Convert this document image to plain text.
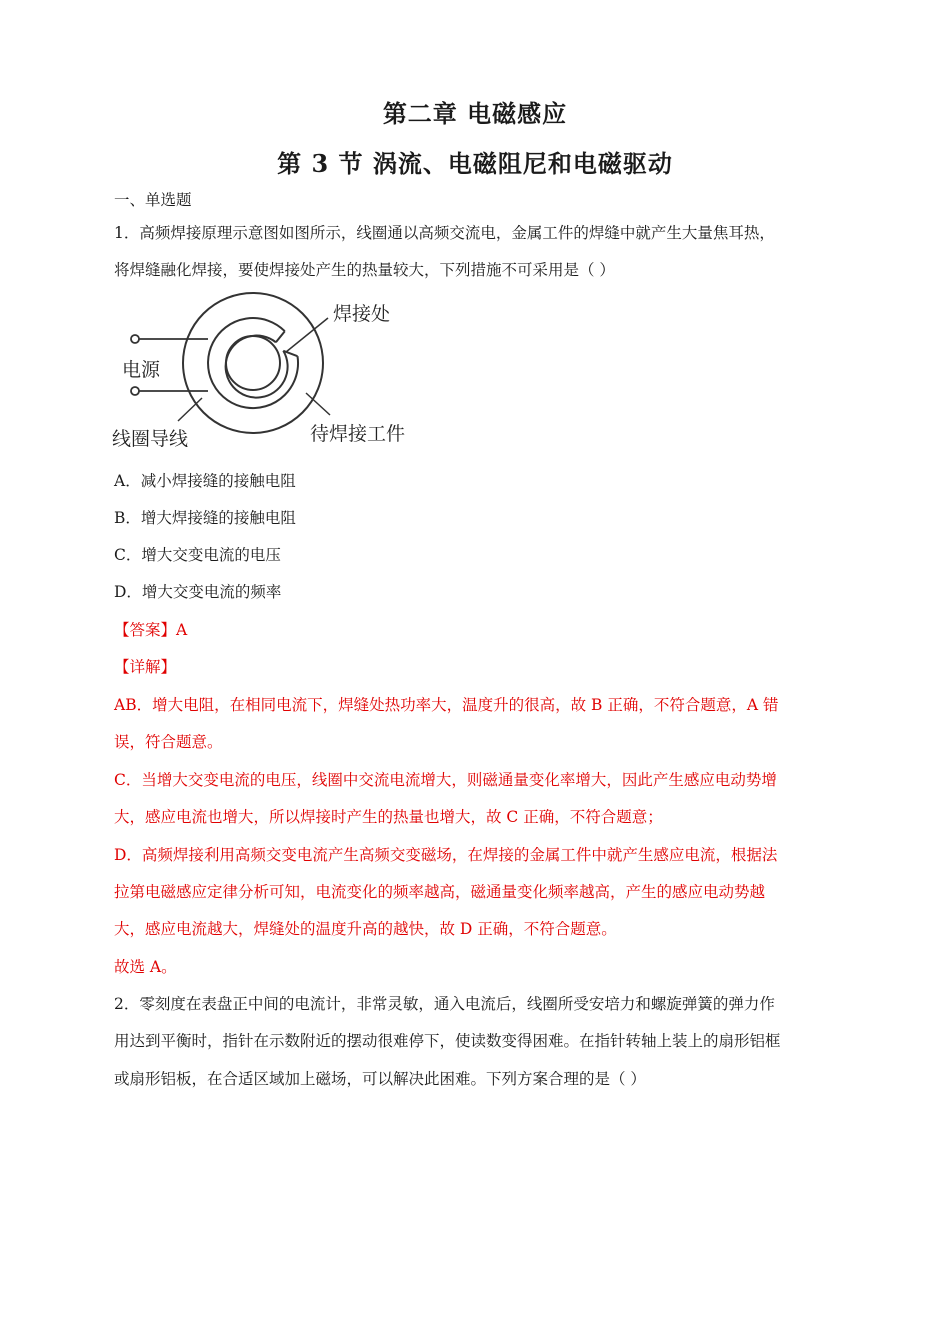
第二章 电磁感应
第 3 节 涡流、电磁阻尼和电磁驱动
一、单选题
1．高频焊接原理示意图如图所示，线圈通以高频交流电，金属工件的焊缝中就产生大量焦耳热，
将焊缝融化焊接，要使焊接处产生的热量较大，下列措施不可采用是（ ）
焊接处
电源
线圈导线	待焊接工件
A．减小焊接缝的接触电阻
B．增大焊接缝的接触电阻
C．增大交变电流的电压
D．增大交变电流的频率
【答案】A
【详解】
AB．增大电阻，在相同电流下，焊缝处热功率大，温度升的很高，故 B 正确，不符合题意，A 错
误，符合题意。
C．当增大交变电流的电压，线圈中交流电流增大，则磁通量变化率增大，因此产生感应电动势增
大，感应电流也增大，所以焊接时产生的热量也增大，故 C 正确，不符合题意；
D．高频焊接利用高频交变电流产生高频交变磁场，在焊接的金属工件中就产生感应电流，根据法
拉第电磁感应定律分析可知，电流变化的频率越高，磁通量变化频率越高，产生的感应电动势越
大，感应电流越大，焊缝处的温度升高的越快，故 D 正确，不符合题意。
故选 A。
2．零刻度在表盘正中间的电流计，非常灵敏，通入电流后，线圈所受安培力和螺旋弹簧的弹力作
用达到平衡时，指针在示数附近的摆动很难停下，使读数变得困难。在指针转轴上装上的扇形铝框
或扇形铝板，在合适区域加上磁场，可以解决此困难。下列方案合理的是（ ）
